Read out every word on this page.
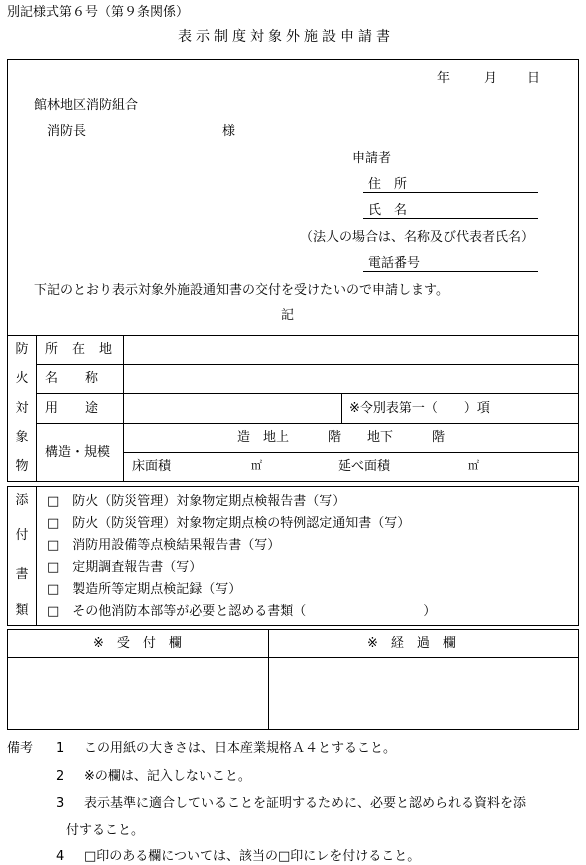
別記様式第６号（第９条関係）
表示制度対象外施設申請書
年	月 日
館林地区消防組合
消防長	様
申請者
住　所
氏　名
（法人の場合は、名称及び代表者氏名）
電話番号
下記のとおり表示対象外施設通知書の交付を受けたいので申請します。
記
防
火
対
象
物
所在地
名称
用途	※令別表第一（　　）項
構造・規模
造　地上　　　階　　地下　　　階
床面積	㎡	延べ面積	㎡
添
付
書
類
□　防火（防災管理）対象物定期点検報告書（写）
□　防火（防災管理）対象物定期点検の特例認定通知書（写）
□　消防用設備等点検結果報告書（写）
□　定期調査報告書（写）
□　製造所等定期点検記録（写）
□　その他消防本部等が必要と認める書類（　　　　　　　　　）
※　受　付　欄	※　経　過　欄
備考 1 この用紙の大きさは、日本産業規格Ａ４とすること。
2 ※の欄は、記入しないこと。
3 表示基準に適合していることを証明するために、必要と認められる資料を添
付すること。
4 □印のある欄については、該当の□印にレを付けること。
